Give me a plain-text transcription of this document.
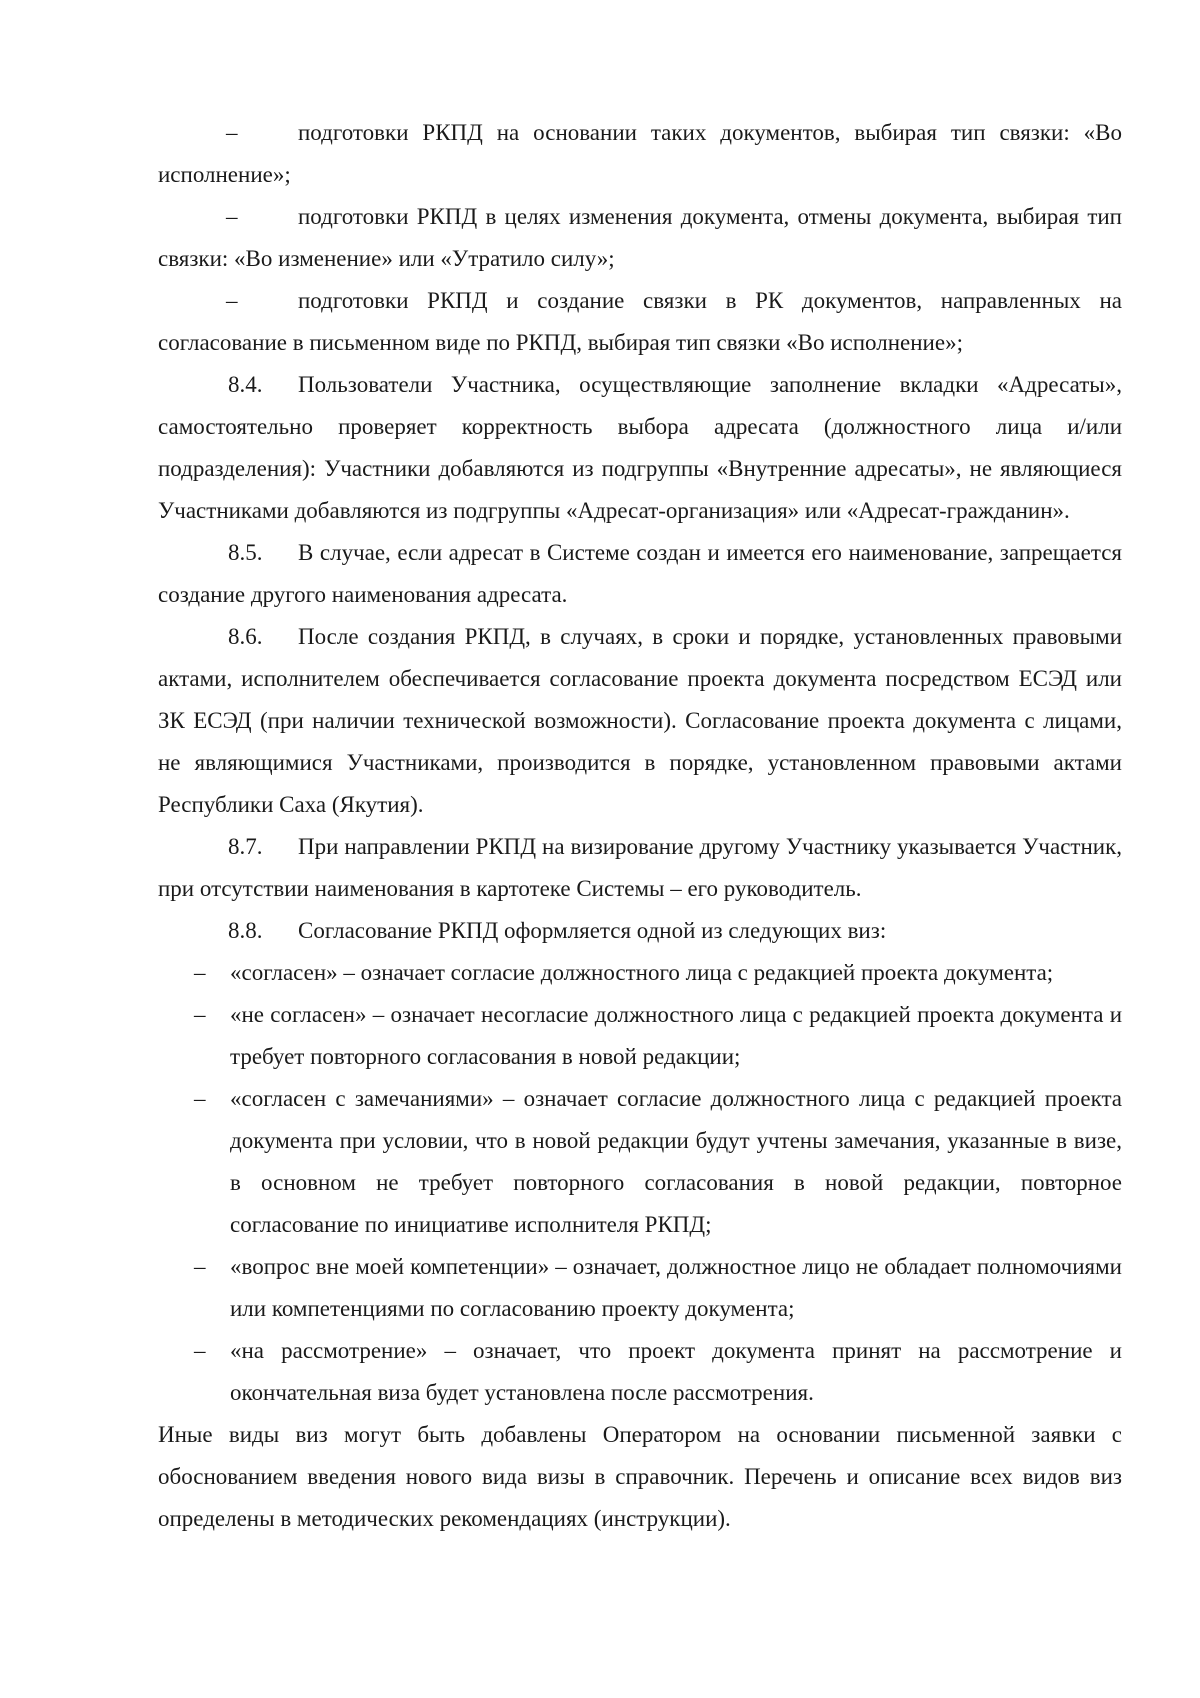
–	подготовки РКПД на основании таких документов, выбирая тип связки: «Во исполнение»;

–	подготовки РКПД в целях изменения документа, отмены документа, выбирая тип связки: «Во изменение» или «Утратило силу»;

–	подготовки РКПД и создание связки в РК документов, направленных на согласование в письменном виде по РКПД, выбирая тип связки «Во исполнение»;

8.4. Пользователи Участника, осуществляющие заполнение вкладки «Адресаты», самостоятельно проверяет корректность выбора адресата (должностного лица и/или подразделения): Участники добавляются из подгруппы «Внутренние адресаты», не являющиеся Участниками добавляются из подгруппы «Адресат-организация» или «Адресат-гражданин».

8.5. В случае, если адресат в Системе создан и имеется его наименование, запрещается создание другого наименования адресата.

8.6. После создания РКПД, в случаях, в сроки и порядке, установленных правовыми актами, исполнителем обеспечивается согласование проекта документа посредством ЕСЭД или ЗК ЕСЭД (при наличии технической возможности). Согласование проекта документа с лицами, не являющимися Участниками, производится в порядке, установленном правовыми актами Республики Саха (Якутия).

8.7. При направлении РКПД на визирование другому Участнику указывается Участник, при отсутствии наименования в картотеке Системы – его руководитель.

8.8. Согласование РКПД оформляется одной из следующих виз:

– «согласен» – означает согласие должностного лица с редакцией проекта документа;
– «не согласен» – означает несогласие должностного лица с редакцией проекта документа и требует повторного согласования в новой редакции;
– «согласен с замечаниями» – означает согласие должностного лица с редакцией проекта документа при условии, что в новой редакции будут учтены замечания, указанные в визе, в основном не требует повторного согласования в новой редакции, повторное согласование по инициативе исполнителя РКПД;
– «вопрос вне моей компетенции» – означает, должностное лицо не обладает полномочиями или компетенциями по согласованию проекту документа;
– «на рассмотрение» – означает, что проект документа принят на рассмотрение и окончательная виза будет установлена после рассмотрения.

Иные виды виз могут быть добавлены Оператором на основании письменной заявки с обоснованием введения нового вида визы в справочник. Перечень и описание всех видов виз определены в методических рекомендациях (инструкции).
